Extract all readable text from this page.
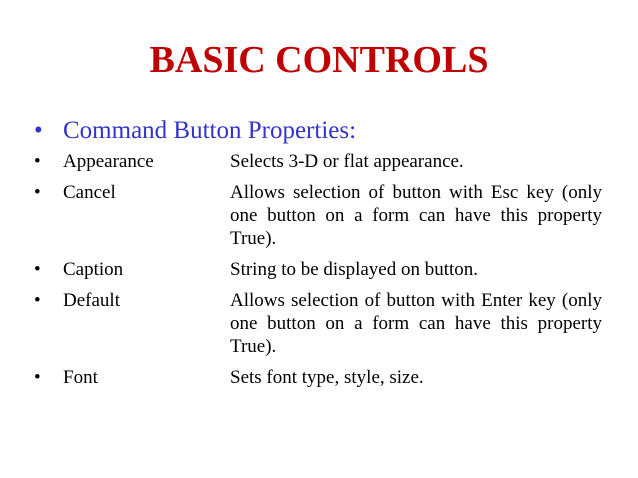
BASIC CONTROLS
• Command Button Properties:
•	Appearance	Selects 3-D or flat appearance.
•	Cancel	Allows selection of button with Esc key (only one button on a form can have this property True).
•	Caption	String to be displayed on button.
•	Default	Allows selection of button with Enter key (only one button on a form can have this property True).
•	Font	Sets font type, style, size.
